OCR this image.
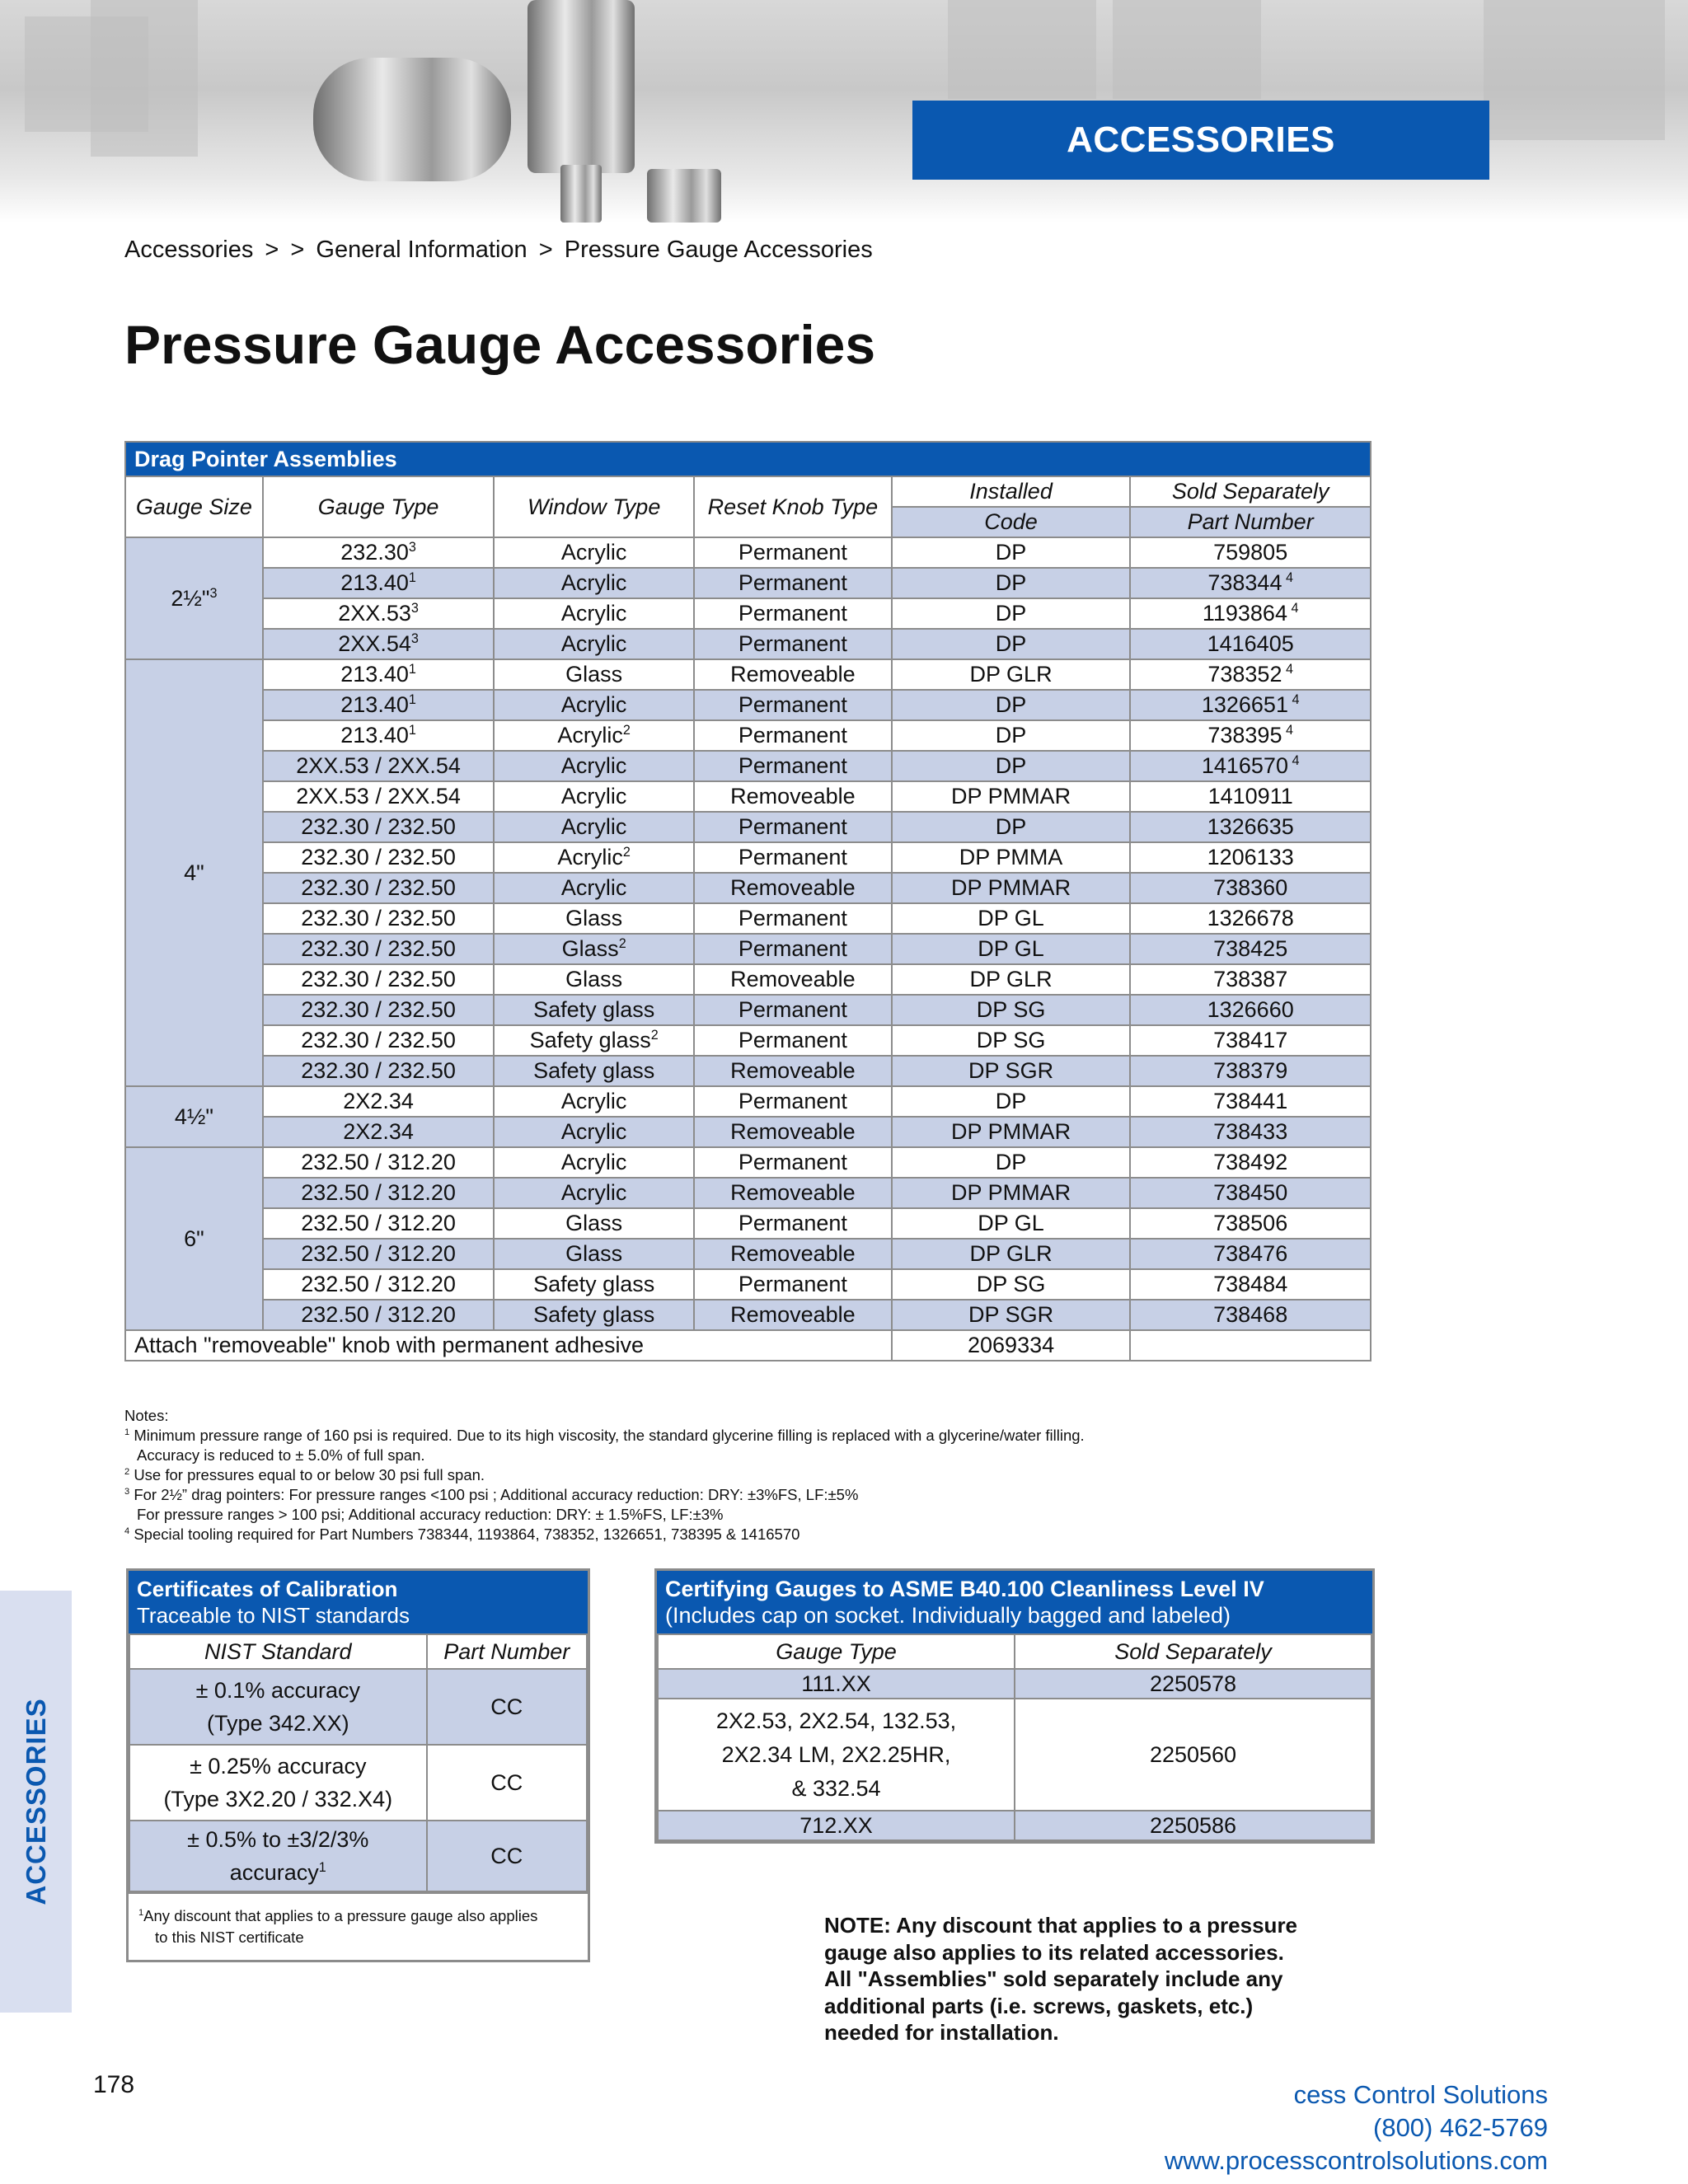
ACCESSORIES
Accessories > > General Information > Pressure Gauge Accessories
Pressure Gauge Accessories
Drag Pointer Assemblies					
Gauge Size	Gauge Type	Window Type	Reset Knob Type	Installed	Sold Separately
				Code	Part Number
2½"$^3$	232.30$^3$	Acrylic	Permanent	DP	759805
	213.40$^1$	Acrylic	Permanent	DP	738344 $^4$
	$2XX.53^3$	Acrylic	Permanent	DP	1193864 $^4$
	$2XX.54^3$	Acrylic	Permanent	DP	1416405
4"	213.40$^1$	Glass	Removeable	DP GLR	738352 $^4$
	213.40$^1$	Acrylic	Permanent	DP	1326651 $^4$
	213.40$^1$	Acrylic$^2$	Permanent	DP	738395 $^4$
	2XX.53 / 2XX.54	Acrylic	Permanent	DP	1416570 $^4$
	2XX.53 / 2XX.54	Acrylic	Removeable	DP PMMAR	1410911
	232.30 / 232.50	Acrylic	Permanent	DP	1326635
	232.30 / 232.50	Acrylic$^2$	Permanent	DP PMMA	1206133
	232.30 / 232.50	Acrylic	Removeable	DP PMMAR	738360
	232.30 / 232.50	Glass	Permanent	DP GL	1326678
	232.30 / 232.50	Glass$^2$	Permanent	DP GL	738425
	232.30 / 232.50	Glass	Removeable	DP GLR	738387
	232.30 / 232.50	Safety glass	Permanent	DP SG	1326660
	232.30 / 232.50	Safety glass$^2$	Permanent	DP SG	738417
	232.30 / 232.50	Safety glass	Removeable	DP SGR	738379
4½"	2X2.34	Acrylic	Permanent	DP	738441
	2X2.34	Acrylic	Removeable	DP PMMAR	738433
6"	232.50 / 312.20	Acrylic	Permanent	DP	738492
	232.50 / 312.20	Acrylic	Removeable	DP PMMAR	738450
	232.50 / 312.20	Glass	Permanent	DP GL	738506
	232.50 / 312.20	Glass	Removeable	DP GLR	738476
	232.50 / 312.20	Safety glass	Permanent	DP SG	738484
	232.50 / 312.20	Safety glass	Removeable	DP SGR	738468
Attach "removeable" knob with permanent adhesive				2069334	
Notes:
$^1$ Minimum pressure range of 160 psi is required. Due to its high viscosity, the standard glycerine filling is replaced with a glycerine/water filling.
Accuracy is reduced to ± 5.0% of full span.
$^2$ Use for pressures equal to or below 30 psi full span.
$^3$ For 2½” drag pointers: For pressure ranges <100 psi ; Additional accuracy reduction: DRY: ±3%FS, LF:±5%
For pressure ranges > 100 psi; Additional accuracy reduction: DRY: ± 1.5%FS, LF:±3%
$^4$ Special tooling required for Part Numbers 738344, 1193864, 738352, 1326651, 738395 & 1416570
Certificates of Calibration
Traceable to NIST standards
NIST Standard	Part Number
± 0.1% accuracy
(Type 342.XX)	CC
± 0.25% accuracy
(Type 3X2.20 / 332.X4)	CC
± 0.5% to ±3/2/3%
accuracy$^1$	CC
$^1$Any discount that applies to a pressure gauge also applies
to this NIST certificate
Certifying Gauges to ASME B40.100 Cleanliness Level IV
(Includes cap on socket. Individually bagged and labeled)
Gauge Type	Sold Separately
111.XX	2250578
2X2.53, 2X2.54, 132.53,
2X2.34 LM, 2X2.25HR,
& 332.54	2250560
712.XX	2250586
NOTE: Any discount that applies to a pressure
gauge also applies to its related accessories.
All "Assemblies" sold separately include any
additional parts (i.e. screws, gaskets, etc.)
needed for installation.
ACCESSORIES
178	cess Control Solutions
(800) 462-5769
www.processcontrolsolutions.com
